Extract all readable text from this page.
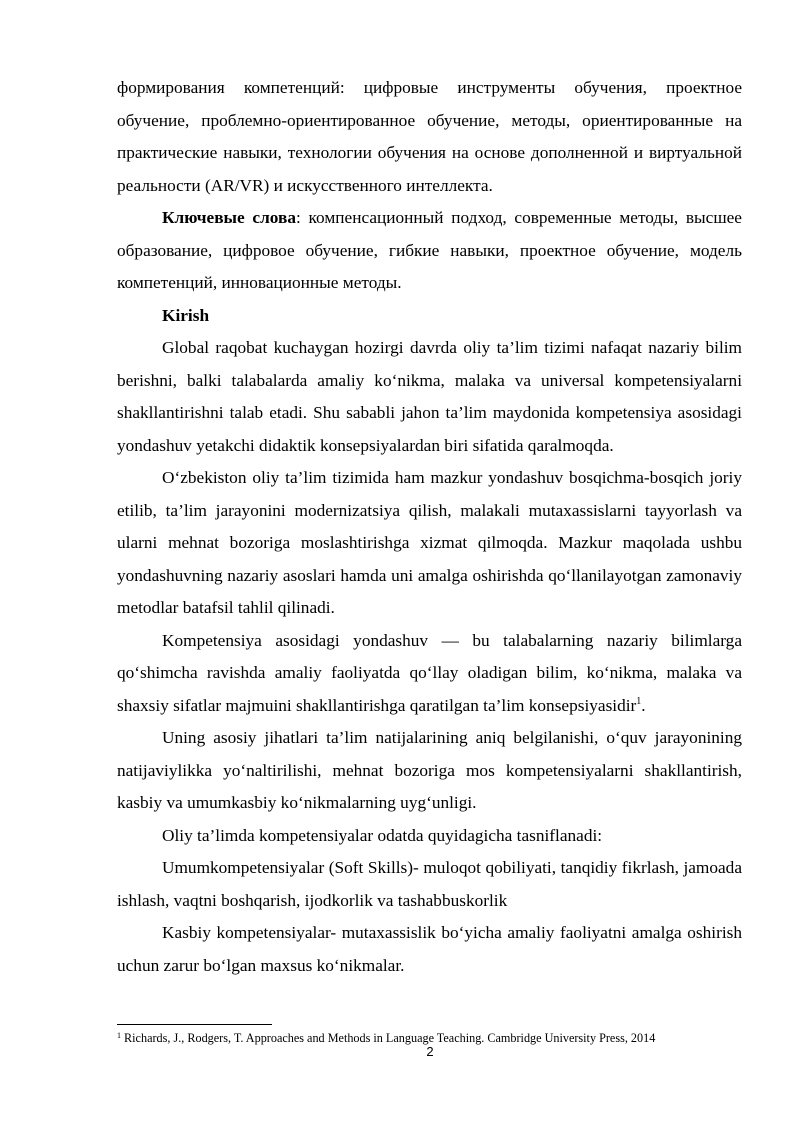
формирования компетенций: цифровые инструменты обучения, проектное обучение, проблемно-ориентированное обучение, методы, ориентированные на практические навыки, технологии обучения на основе дополненной и виртуальной реальности (AR/VR) и искусственного интеллекта.

Ключевые слова: компенсационный подход, современные методы, высшее образование, цифровое обучение, гибкие навыки, проектное обучение, модель компетенций, инновационные методы.

Kirish

Global raqobat kuchaygan hozirgi davrda oliy ta’lim tizimi nafaqat nazariy bilim berishni, balki talabalarda amaliy ko‘nikma, malaka va universal kompetensiyalarni shakllantirishni talab etadi. Shu sababli jahon ta’lim maydonida kompetensiya asosidagi yondashuv yetakchi didaktik konsepsiyalardan biri sifatida qaralmoqda.

O‘zbekiston oliy ta’lim tizimida ham mazkur yondashuv bosqichma-bosqich joriy etilib, ta’lim jarayonini modernizatsiya qilish, malakali mutaxassislarni tayyorlash va ularni mehnat bozoriga moslashtirishga xizmat qilmoqda. Mazkur maqolada ushbu yondashuvning nazariy asoslari hamda uni amalga oshirishda qo‘llanilayotgan zamonaviy metodlar batafsil tahlil qilinadi.

Kompetensiya asosidagi yondashuv — bu talabalarning nazariy bilimlarga qo‘shimcha ravishda amaliy faoliyatda qo‘llay oladigan bilim, ko‘nikma, malaka va shaxsiy sifatlar majmuini shakllantirishga qaratilgan ta’lim konsepsiyasidir$^1$.

Uning asosiy jihatlari ta’lim natijalarining aniq belgilanishi, o‘quv jarayonining natijaviylikka yo‘naltirilishi, mehnat bozoriga mos kompetensiyalarni shakllantirish, kasbiy va umumkasbiy ko‘nikmalarning uyg‘unligi.

Oliy ta’limda kompetensiyalar odatda quyidagicha tasniflanadi:

Umumkompetensiyalar (Soft Skills)- muloqot qobiliyati, tanqidiy fikrlash, jamoada ishlash, vaqtni boshqarish, ijodkorlik va tashabbuskorlik

Kasbiy kompetensiyalar- mutaxassislik bo‘yicha amaliy faoliyatni amalga oshirish uchun zarur bo‘lgan maxsus ko‘nikmalar.

$^1$ Richards, J., Rodgers, T. Approaches and Methods in Language Teaching. Cambridge University Press, 2014
2
